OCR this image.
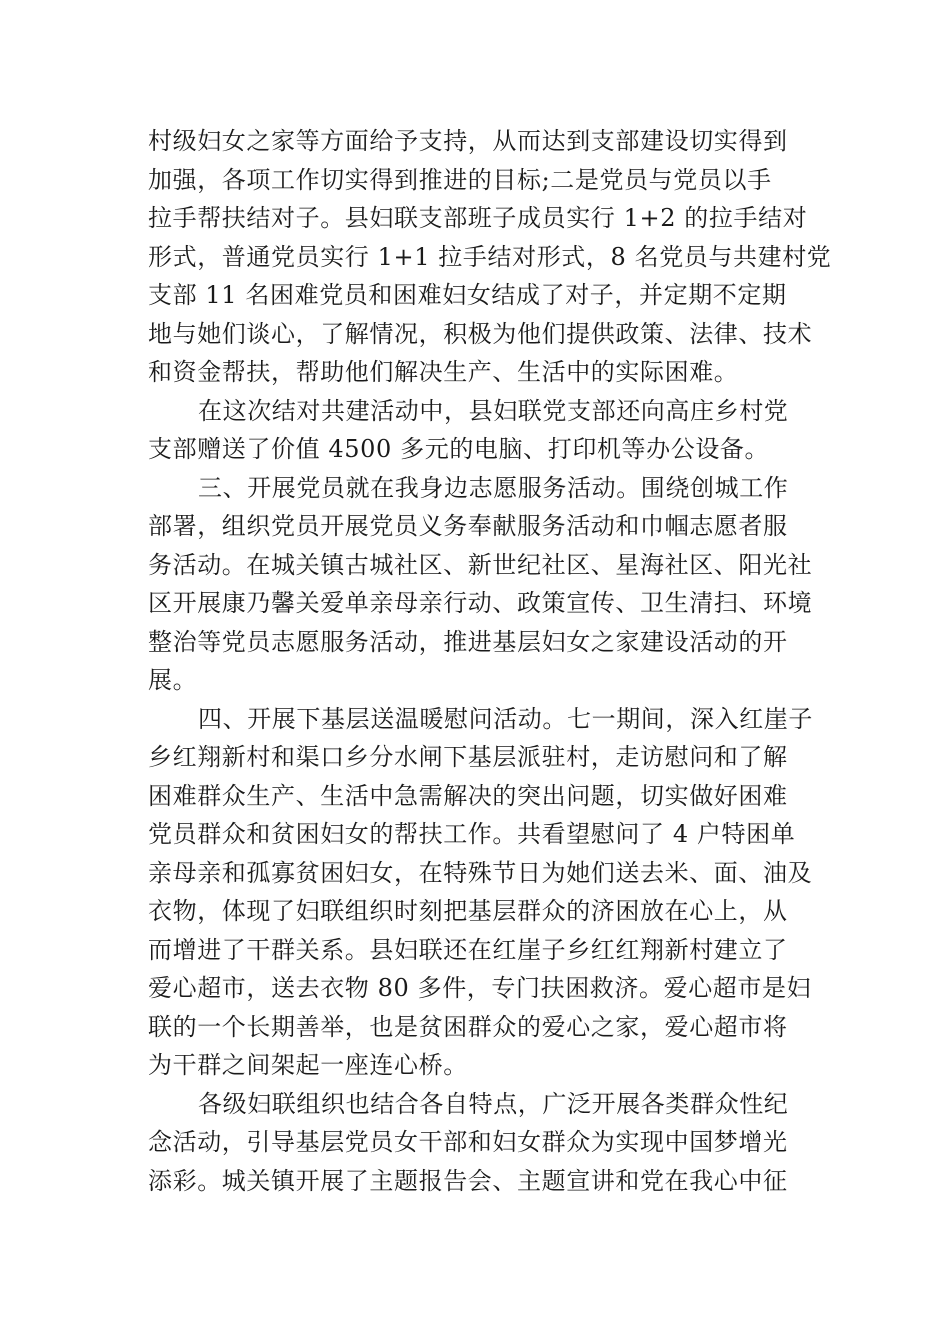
村级妇女之家等方面给予支持，从而达到支部建设切实得到
加强，各项工作切实得到推进的目标;二是党员与党员以手
拉手帮扶结对子。县妇联支部班子成员实行 1+2 的拉手结对
形式，普通党员实行 1+1 拉手结对形式，8 名党员与共建村党
支部 11 名困难党员和困难妇女结成了对子，并定期不定期
地与她们谈心，了解情况，积极为他们提供政策、法律、技术
和资金帮扶，帮助他们解决生产、生活中的实际困难。
在这次结对共建活动中，县妇联党支部还向高庄乡村党
支部赠送了价值 4500 多元的电脑、打印机等办公设备。
三、开展党员就在我身边志愿服务活动。围绕创城工作
部署，组织党员开展党员义务奉献服务活动和巾帼志愿者服
务活动。在城关镇古城社区、新世纪社区、星海社区、阳光社
区开展康乃馨关爱单亲母亲行动、政策宣传、卫生清扫、环境
整治等党员志愿服务活动，推进基层妇女之家建设活动的开
展。
四、开展下基层送温暖慰问活动。七一期间，深入红崖子
乡红翔新村和渠口乡分水闸下基层派驻村，走访慰问和了解
困难群众生产、生活中急需解决的突出问题，切实做好困难
党员群众和贫困妇女的帮扶工作。共看望慰问了 4 户特困单
亲母亲和孤寡贫困妇女，在特殊节日为她们送去米、面、油及
衣物，体现了妇联组织时刻把基层群众的济困放在心上，从
而增进了干群关系。县妇联还在红崖子乡红红翔新村建立了
爱心超市，送去衣物 80 多件，专门扶困救济。爱心超市是妇
联的一个长期善举，也是贫困群众的爱心之家，爱心超市将
为干群之间架起一座连心桥。
各级妇联组织也结合各自特点，广泛开展各类群众性纪
念活动，引导基层党员女干部和妇女群众为实现中国梦增光
添彩。城关镇开展了主题报告会、主题宣讲和党在我心中征
